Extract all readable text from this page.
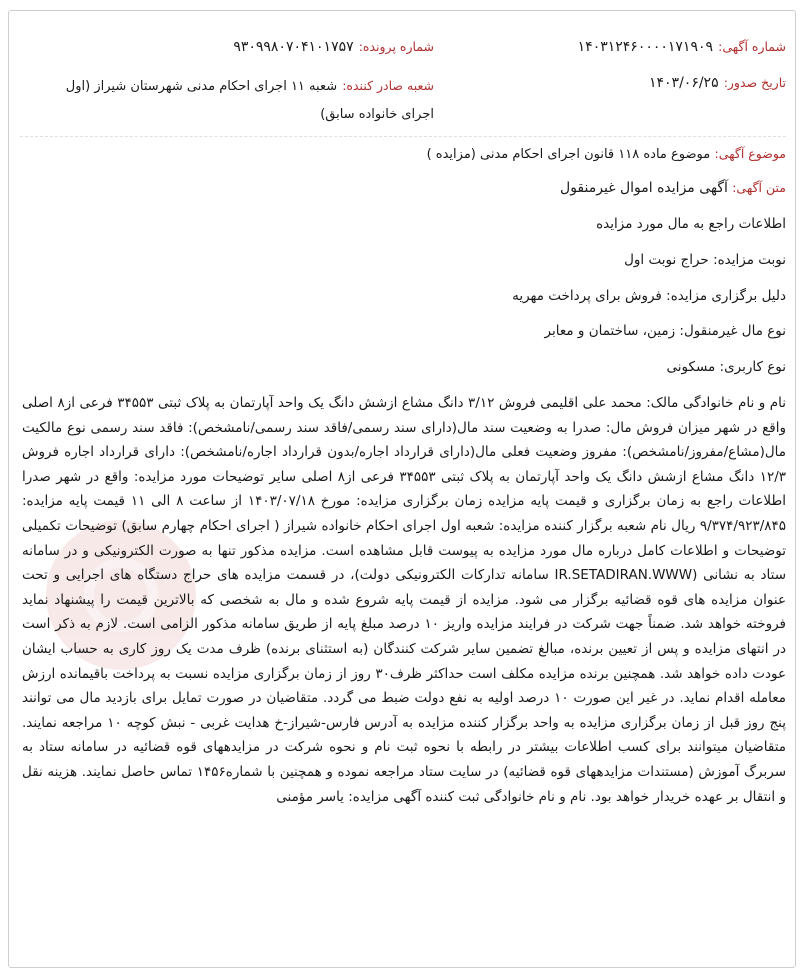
شماره آگهی: ۱۴۰۳۱۲۴۶۰۰۰۰۱۷۱۹۰۹
شماره پرونده: ۹۳۰۹۹۸۰۷۰۴۱۰۱۷۵۷
تاریخ صدور: ۱۴۰۳/۰۶/۲۵
شعبه صادر کننده: شعبه ۱۱ اجرای احکام مدنی شهرستان شیراز (اول اجرای خانواده سابق)
موضوع آگهی: موضوع ماده ۱۱۸ قانون اجرای احکام مدنی (مزایده )
متن آگهی: آگهی مزایده اموال غیرمنقول
اطلاعات راجع به مال مورد مزایده
نوبت مزایده: حراج نوبت اول
دلیل برگزاری مزایده: فروش برای پرداخت مهریه
نوع مال غیرمنقول: زمین، ساختمان و معابر
نوع کاربری: مسکونی
نام و نام خانوادگی مالک: محمد علی اقلیمی فروش ۳/۱۲ دانگ مشاع ازشش دانگ یک واحد آپارتمان به پلاک ثبتی ۳۴۵۵۳ فرعی از۸ اصلی واقع در شهر میزان فروش مال: صدرا به وضعیت سند مال(دارای سند رسمی/فاقد سند رسمی/نامشخص): فاقد سند رسمی نوع مالکیت مال(مشاع/مفروز/نامشخص): مفروز وضعیت فعلی مال(دارای قرارداد اجاره/بدون قرارداد اجاره/نامشخص): دارای قرارداد اجاره فروش ۱۲/۳ دانگ مشاع ازشش دانگ یک واحد آپارتمان به پلاک ثبتی ۳۴۵۵۳ فرعی از۸ اصلی سایر توضیحات مورد مزایده: واقع در شهر صدرا اطلاعات راجع به زمان برگزاری و قیمت پایه مزایده زمان برگزاری مزایده: مورخ ۱۴۰۳/۰۷/۱۸ از ساعت ۸ الی ۱۱ قیمت پایه مزایده: ۹/۳۷۴/۹۲۳/۸۴۵ ریال نام شعبه برگزار کننده مزایده: شعبه اول اجرای احکام خانواده شیراز ( اجرای احکام چهارم سابق) توضیحات تکمیلی توضیحات و اطلاعات کامل درباره مال مورد مزایده به پیوست قابل مشاهده است. مزایده مذکور تنها به صورت الکترونیکی و در سامانه ستاد به نشانی (IR.SETADIRAN.WWW سامانه تدارکات الکترونیکی دولت)، در قسمت مزایده های حراج دستگاه های اجرایی و تحت عنوان مزایده های قوه قضائیه برگزار می شود. مزایده از قیمت پایه شروع شده و مال به شخصی که بالاترین قیمت را پیشنهاد نماید فروخته خواهد شد. ضمناً جهت شرکت در فرایند مزایده واریز ۱۰ درصد مبلغ پایه از طریق سامانه مذکور الزامی است. لازم به ذکر است در انتهای مزایده و پس از تعیین برنده، مبالغ تضمین سایر شرکت کنندگان (به استثنای برنده) ظرف مدت یک روز کاری به حساب ایشان عودت داده خواهد شد. همچنین برنده مزایده مکلف است حداکثر ظرف۳۰ روز از زمان برگزاری مزایده نسبت به پرداخت باقیمانده ارزش معامله اقدام نماید. در غیر این صورت ۱۰ درصد اولیه به نفع دولت ضبط می گردد. متقاضیان در صورت تمایل برای بازدید مال می توانند پنج روز قبل از زمان برگزاری مزایده به واحد برگزار کننده مزایده به آدرس فارس-شیراز-خ هدایت غربی - نبش کوچه ۱۰ مراجعه نمایند. متقاضیان میتوانند برای کسب اطلاعات بیشتر در رابطه با نحوه ثبت نام و نحوه شرکت در مزایدههای قوه قضائیه در سامانه ستاد به سربرگ آموزش (مستندات مزایدههای قوه قضائیه) در سایت ستاد مراجعه نموده و همچنین با شماره۱۴۵۶ تماس حاصل نمایند. هزینه نقل و انتقال بر عهده خریدار خواهد بود. نام و نام خانوادگی ثبت کننده آگهی مزایده: یاسر مؤمنی
